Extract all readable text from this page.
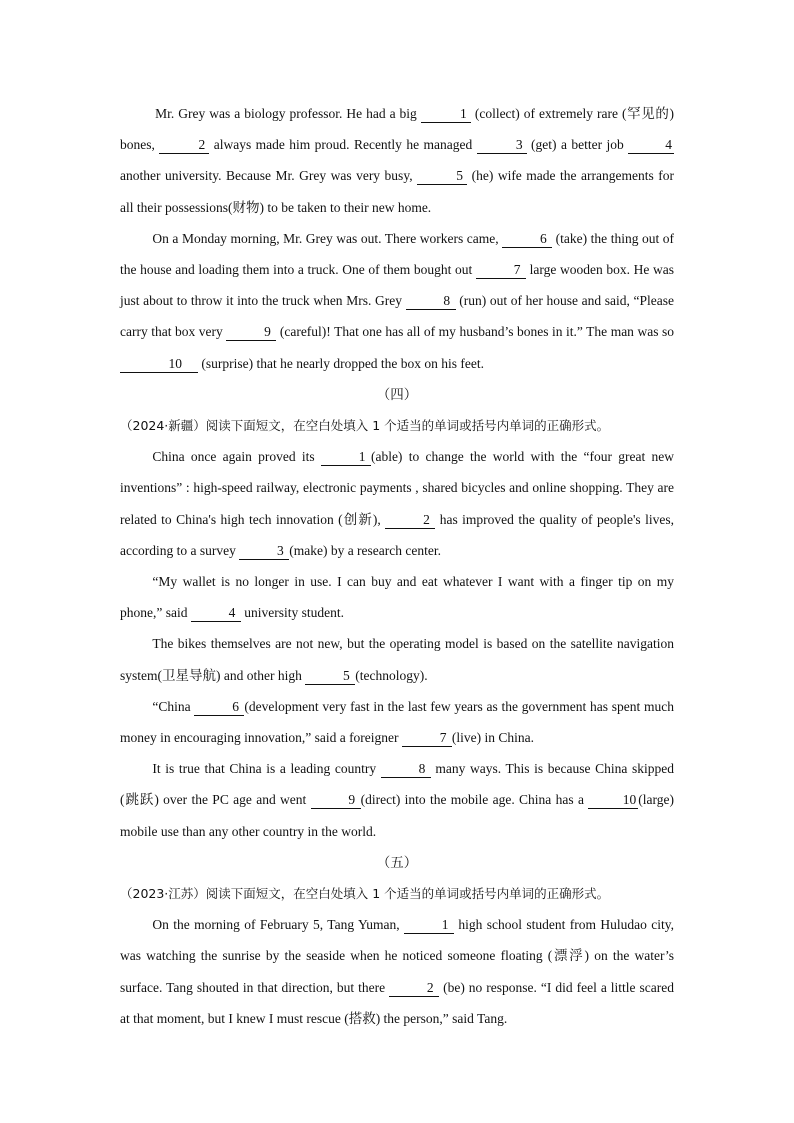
Mr. Grey was a biology professor. He had a big	1 (collect) of extremely rare (罕见的) bones,	2 always made him proud. Recently he managed	3 (get) a better job	4 another university. Because Mr. Grey was very busy,	5 (he) wife made the arrangements for all their possessions(财物) to be taken to their new home.

On a Monday morning, Mr. Grey was out. There workers came,	6 (take) the thing out of the house and loading them into a truck. One of them bought out	7 large wooden box. He was just about to throw it into the truck when Mrs. Grey	8 (run) out of her house and said, “Please carry that box very	9 (careful)! That one has all of my husband’s bones in it.” The man was so 10 (surprise) that he nearly dropped the box on his feet.

（四）

（2024·新疆）阅读下面短文，在空白处填入 1 个适当的单词或括号内单词的正确形式。

China once again proved its	1 (able) to change the world with the “four great new inventions” : high-speed railway, electronic payments , shared bicycles and online shopping. They are related to China's high tech innovation (创新),	2 has improved the quality of people's lives, according to a survey	3 (make) by a research center.

“My wallet is no longer in use. I can buy and eat whatever I want with a finger tip on my phone,” said	4 university student.

The bikes themselves are not new, but the operating model is based on the satellite navigation system(卫星导航) and other high	5 (technology).

“China	6 (development very fast in the last few years as the government has spent much money in encouraging innovation,” said a foreigner	7 (live) in China.

It is true that China is a leading country	8 many ways. This is because China skipped (跳跃) over the PC age and went	9 (direct) into the mobile age. China has a	10 (large) mobile use than any other country in the world.

（五）

（2023·江苏）阅读下面短文，在空白处填入 1 个适当的单词或括号内单词的正确形式。

On the morning of February 5, Tang Yuman,	1 high school student from Huludao city, was watching the sunrise by the seaside when he noticed someone floating (漂浮) on the water’s surface. Tang shouted in that direction, but there	2 (be) no response. “I did feel a little scared at that moment, but I knew I must rescue (搭救) the person,” said Tang.
